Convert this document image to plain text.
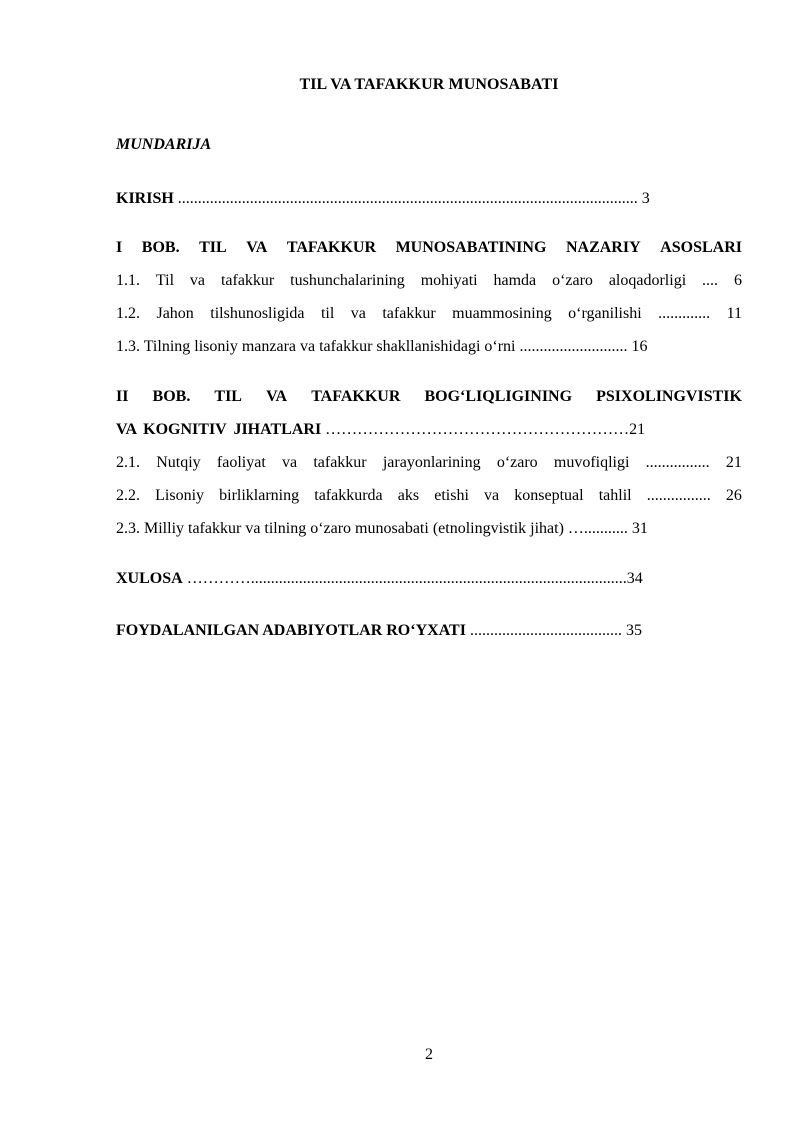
TIL VA TAFAKKUR MUNOSABATI
MUNDARIJA
KIRISH ................................................................................................................... 3
I BOB. TIL VA TAFAKKUR MUNOSABATINING NAZARIY ASOSLARI
1.1. Til va tafakkur tushunchalarining mohiyati hamda o‘zaro aloqadorligi .... 6
1.2. Jahon tilshunosligida til va tafakkur muammosining o‘rganilishi ............. 11
1.3. Tilning lisoniy manzara va tafakkur shakllanishidagi o‘rni ........................... 16
II BOB. TIL VA TAFAKKUR BOG‘LIQLIGINING PSIXOLINGVISTIK
VA KOGNITIV JIHATLARI …………………………………………………21
2.1. Nutqiy faoliyat va tafakkur jarayonlarining o‘zaro muvofiqligi ................ 21
2.2. Lisoniy birliklarning tafakkurda aks etishi va konseptual tahlil ................ 26
2.3. Milliy tafakkur va tilning o‘zaro munosabati (etnolingvistik jihat) …........... 31
XULOSA …………..............................................................................................34
FOYDALANILGAN ADABIYOTLAR RO‘YXATI ...................................... 35
2
